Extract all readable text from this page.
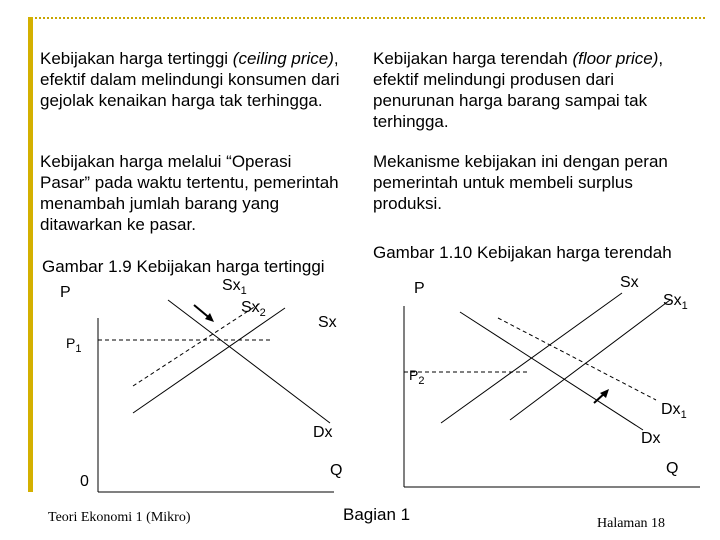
Kebijakan harga tertinggi (ceiling price), efektif dalam melindungi konsumen dari gejolak kenaikan harga tak terhingga.

Kebijakan harga terendah (floor price), efektif melindungi produsen dari penurunan harga barang sampai tak terhingga.

Kebijakan harga melalui “Operasi Pasar” pada waktu tertentu, pemerintah menambah jumlah barang yang ditawarkan ke pasar.

Mekanisme kebijakan ini dengan peran pemerintah untuk membeli surplus produksi.

Gambar 1.9 Kebijakan harga tertinggi
Gambar 1.10 Kebijakan harga terendah
P	$Sx_1$
$Sx_2$
Sx
$P_1$
Dx
0
Q
P	Sx
$Sx_1$
$P_2$
$Dx_1$
Dx
Q
Teori Ekonomi 1 (Mikro)	Bagian 1	Halaman 18
